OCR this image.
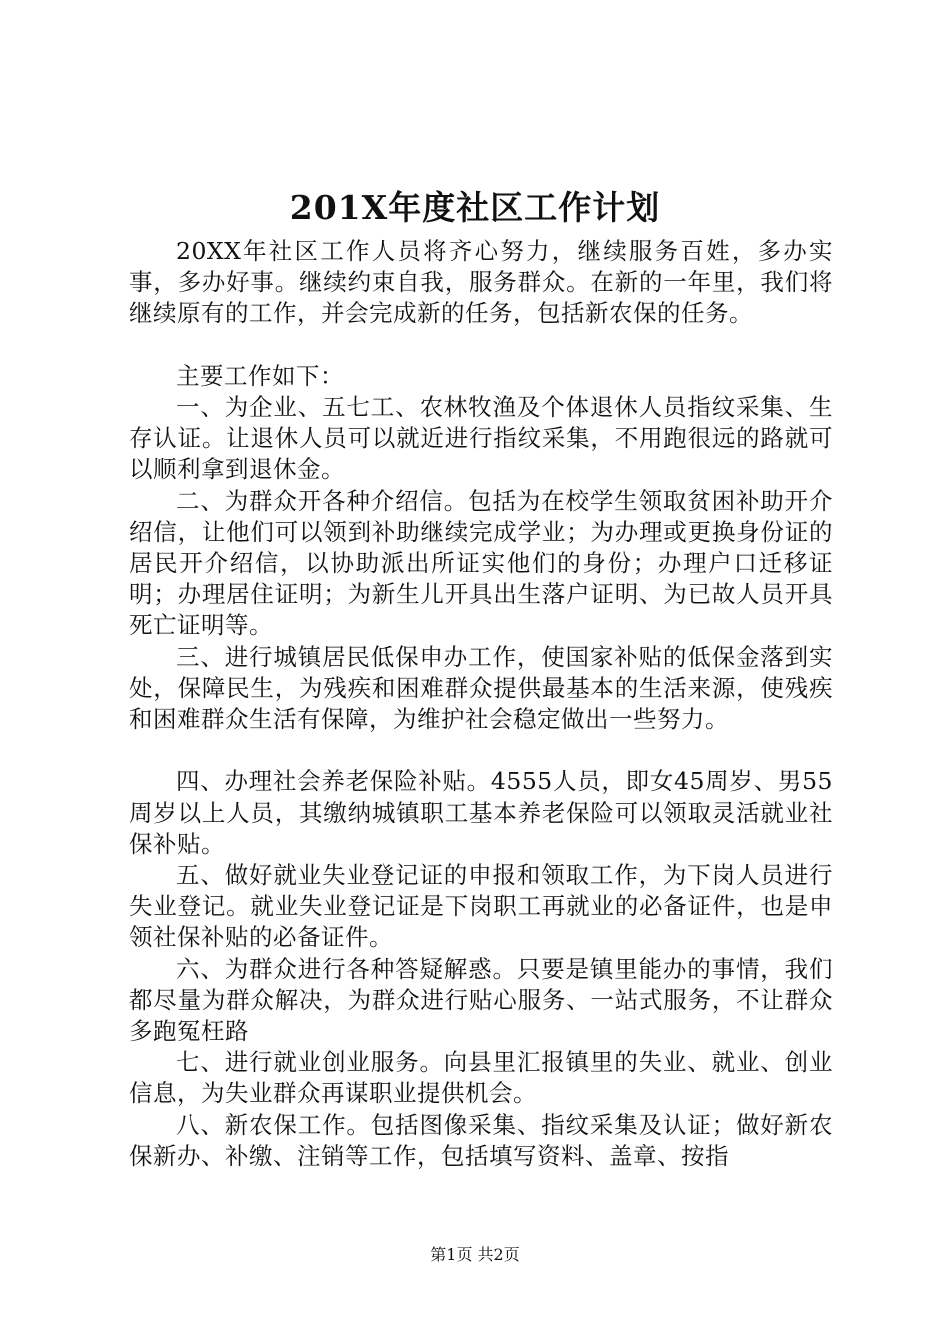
201X年度社区工作计划

20XX年社区工作人员将齐心努力，继续服务百姓，多办实事，多办好事。继续约束自我，服务群众。在新的一年里，我们将继续原有的工作，并会完成新的任务，包括新农保的任务。

主要工作如下：

一、为企业、五七工、农林牧渔及个体退休人员指纹采集、生存认证。让退休人员可以就近进行指纹采集，不用跑很远的路就可以顺利拿到退休金。

二、为群众开各种介绍信。包括为在校学生领取贫困补助开介绍信，让他们可以领到补助继续完成学业；为办理或更换身份证的居民开介绍信，以协助派出所证实他们的身份；办理户口迁移证明；办理居住证明；为新生儿开具出生落户证明、为已故人员开具死亡证明等。

三、进行城镇居民低保申办工作，使国家补贴的低保金落到实处，保障民生，为残疾和困难群众提供最基本的生活来源，使残疾和困难群众生活有保障，为维护社会稳定做出一些努力。

四、办理社会养老保险补贴。4555人员，即女45周岁、男55周岁以上人员，其缴纳城镇职工基本养老保险可以领取灵活就业社保补贴。

五、做好就业失业登记证的申报和领取工作，为下岗人员进行失业登记。就业失业登记证是下岗职工再就业的必备证件，也是申领社保补贴的必备证件。

六、为群众进行各种答疑解惑。只要是镇里能办的事情，我们都尽量为群众解决，为群众进行贴心服务、一站式服务，不让群众多跑冤枉路

七、进行就业创业服务。向县里汇报镇里的失业、就业、创业信息，为失业群众再谋职业提供机会。

八、新农保工作。包括图像采集、指纹采集及认证；做好新农保新办、补缴、注销等工作，包括填写资料、盖章、按指

第1页 共2页
